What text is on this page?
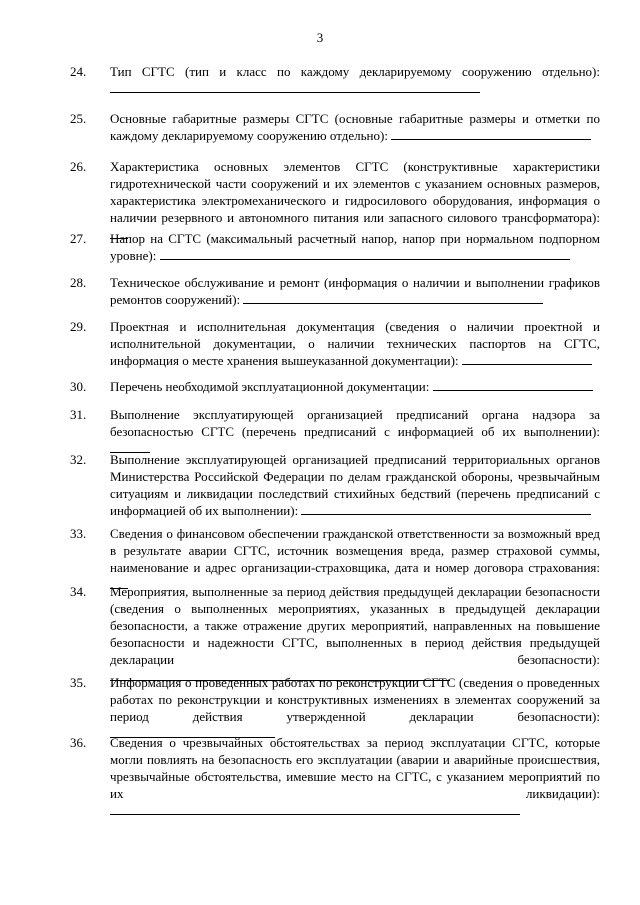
3
24. Тип СГТС (тип и класс по каждому декларируемому сооружению отдельно):
25. Основные габаритные размеры СГТС (основные габаритные размеры и отметки по каждому декларируемому сооружению отдельно):
26. Характеристика основных элементов СГТС (конструктивные характеристики гидротехнической части сооружений и их элементов с указанием основных размеров, характеристика электромеханического и гидросилового оборудования, информация о наличии резервного и автономного питания или запасного силового трансформатора):
27. Напор на СГТС (максимальный расчетный напор, напор при нормальном подпорном уровне):
28. Техническое обслуживание и ремонт (информация о наличии и выполнении графиков ремонтов сооружений):
29. Проектная и исполнительная документация (сведения о наличии проектной и исполнительной документации, о наличии технических паспортов на СГТС, информация о месте хранения вышеуказанной документации):
30. Перечень необходимой эксплуатационной документации:
31. Выполнение эксплуатирующей организацией предписаний органа надзора за безопасностью СГТС (перечень предписаний с информацией об их выполнении):
32. Выполнение эксплуатирующей организацией предписаний территориальных органов Министерства Российской Федерации по делам гражданской обороны, чрезвычайным ситуациям и ликвидации последствий стихийных бедствий (перечень предписаний с информацией об их выполнении):
33. Сведения о финансовом обеспечении гражданской ответственности за возможный вред в результате аварии СГТС, источник возмещения вреда, размер страховой суммы, наименование и адрес организации-страховщика, дата и номер договора страхования:
34. Мероприятия, выполненные за период действия предыдущей декларации безопасности (сведения о выполненных мероприятиях, указанных в предыдущей декларации безопасности, а также отражение других мероприятий, направленных на повышение безопасности и надежности СГТС, выполненных в период действия предыдущей декларации безопасности):
35. Информация о проведенных работах по реконструкции СГТС (сведения о проведенных работах по реконструкции и конструктивных изменениях в элементах сооружений за период действия утвержденной декларации безопасности):
36. Сведения о чрезвычайных обстоятельствах за период эксплуатации СГТС, которые могли повлиять на безопасность его эксплуатации (аварии и аварийные происшествия, чрезвычайные обстоятельства, имевшие место на СГТС, с указанием мероприятий по их ликвидации):
